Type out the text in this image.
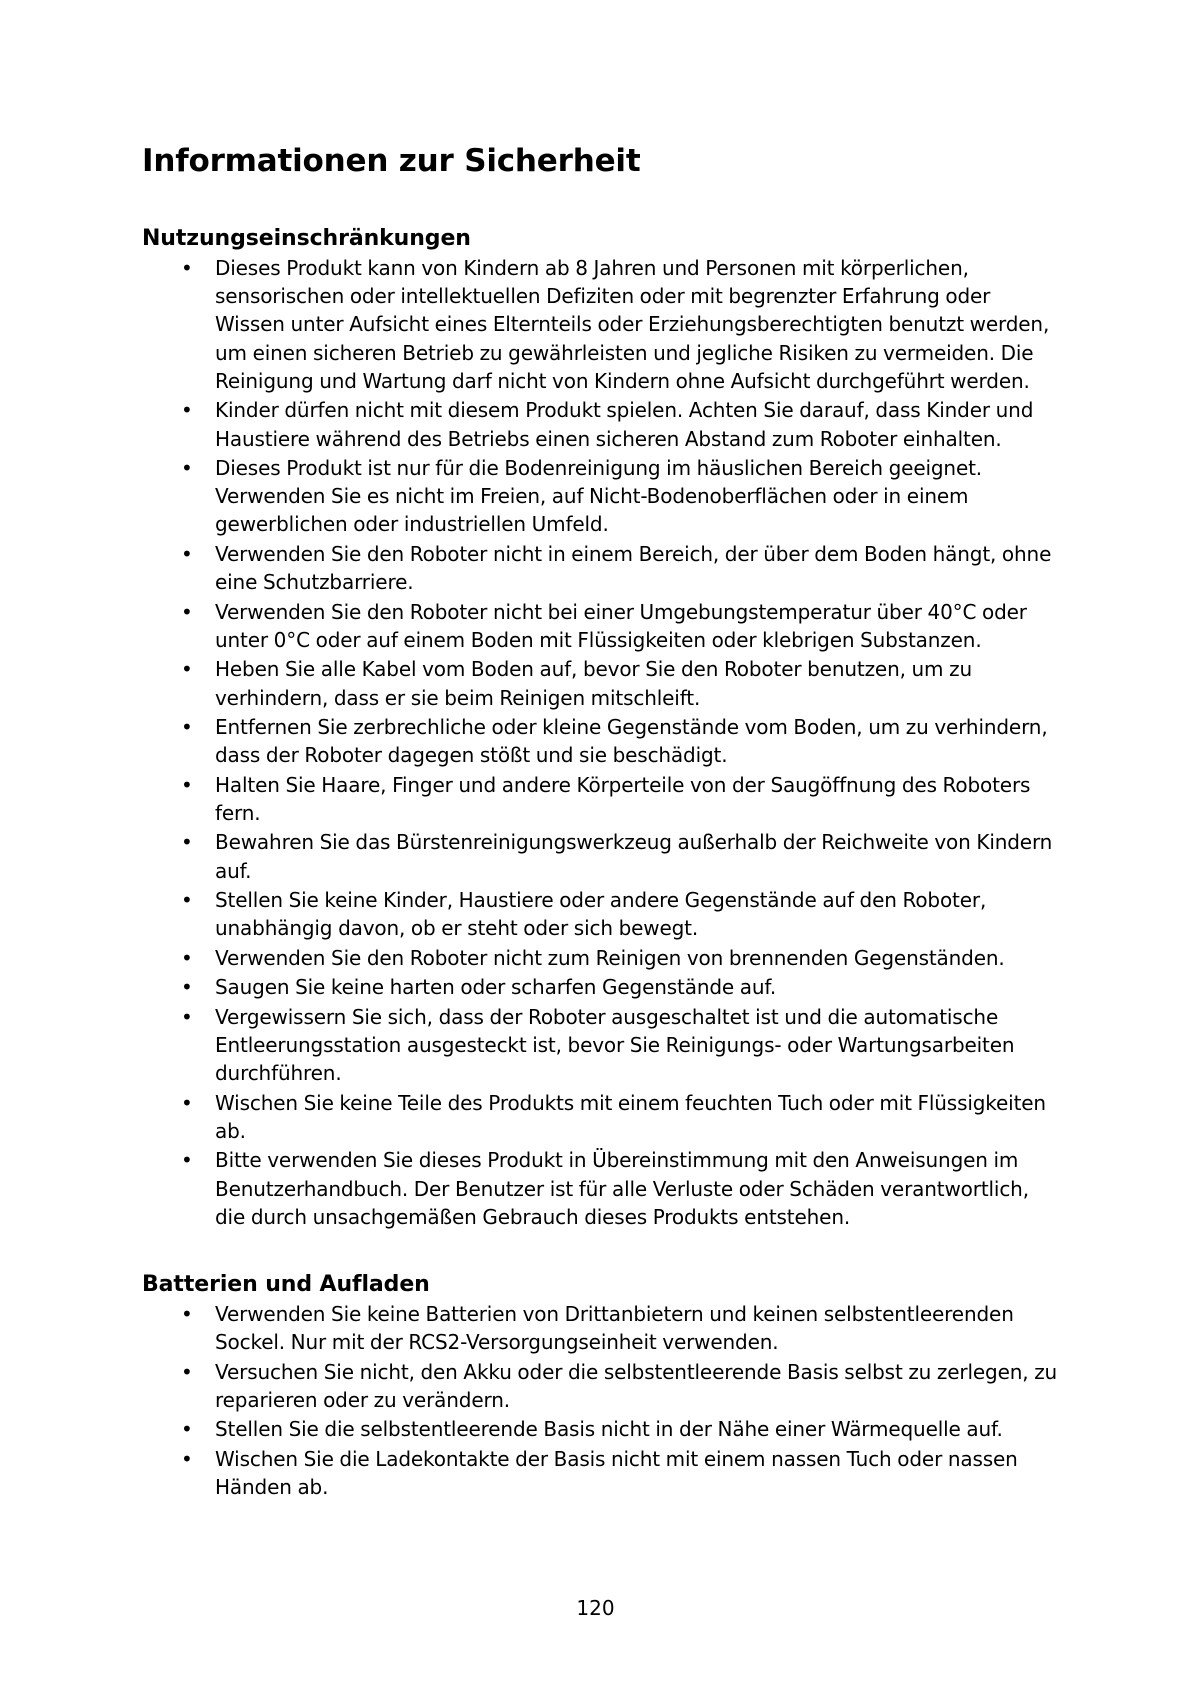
Informationen zur Sicherheit
Nutzungseinschränkungen
• Dieses Produkt kann von Kindern ab 8 Jahren und Personen mit körperlichen, sensorischen oder intellektuellen Defiziten oder mit begrenzter Erfahrung oder Wissen unter Aufsicht eines Elternteils oder Erziehungsberechtigten benutzt werden, um einen sicheren Betrieb zu gewährleisten und jegliche Risiken zu vermeiden. Die Reinigung und Wartung darf nicht von Kindern ohne Aufsicht durchgeführt werden.
• Kinder dürfen nicht mit diesem Produkt spielen. Achten Sie darauf, dass Kinder und Haustiere während des Betriebs einen sicheren Abstand zum Roboter einhalten.
• Dieses Produkt ist nur für die Bodenreinigung im häuslichen Bereich geeignet. Verwenden Sie es nicht im Freien, auf Nicht-Bodenoberflächen oder in einem gewerblichen oder industriellen Umfeld.
• Verwenden Sie den Roboter nicht in einem Bereich, der über dem Boden hängt, ohne eine Schutzbarriere.
• Verwenden Sie den Roboter nicht bei einer Umgebungstemperatur über 40°C oder unter 0°C oder auf einem Boden mit Flüssigkeiten oder klebrigen Substanzen.
• Heben Sie alle Kabel vom Boden auf, bevor Sie den Roboter benutzen, um zu verhindern, dass er sie beim Reinigen mitschleift.
• Entfernen Sie zerbrechliche oder kleine Gegenstände vom Boden, um zu verhindern, dass der Roboter dagegen stößt und sie beschädigt.
• Halten Sie Haare, Finger und andere Körperteile von der Saugöffnung des Roboters fern.
• Bewahren Sie das Bürstenreinigungswerkzeug außerhalb der Reichweite von Kindern auf.
• Stellen Sie keine Kinder, Haustiere oder andere Gegenstände auf den Roboter, unabhängig davon, ob er steht oder sich bewegt.
• Verwenden Sie den Roboter nicht zum Reinigen von brennenden Gegenständen.
• Saugen Sie keine harten oder scharfen Gegenstände auf.
• Vergewissern Sie sich, dass der Roboter ausgeschaltet ist und die automatische Entleerungsstation ausgesteckt ist, bevor Sie Reinigungs- oder Wartungsarbeiten durchführen.
• Wischen Sie keine Teile des Produkts mit einem feuchten Tuch oder mit Flüssigkeiten ab.
• Bitte verwenden Sie dieses Produkt in Übereinstimmung mit den Anweisungen im Benutzerhandbuch. Der Benutzer ist für alle Verluste oder Schäden verantwortlich, die durch unsachgemäßen Gebrauch dieses Produkts entstehen.
Batterien und Aufladen
• Verwenden Sie keine Batterien von Drittanbietern und keinen selbstentleerenden Sockel. Nur mit der RCS2-Versorgungseinheit verwenden.
• Versuchen Sie nicht, den Akku oder die selbstentleerende Basis selbst zu zerlegen, zu reparieren oder zu verändern.
• Stellen Sie die selbstentleerende Basis nicht in der Nähe einer Wärmequelle auf.
• Wischen Sie die Ladekontakte der Basis nicht mit einem nassen Tuch oder nassen Händen ab.
120
